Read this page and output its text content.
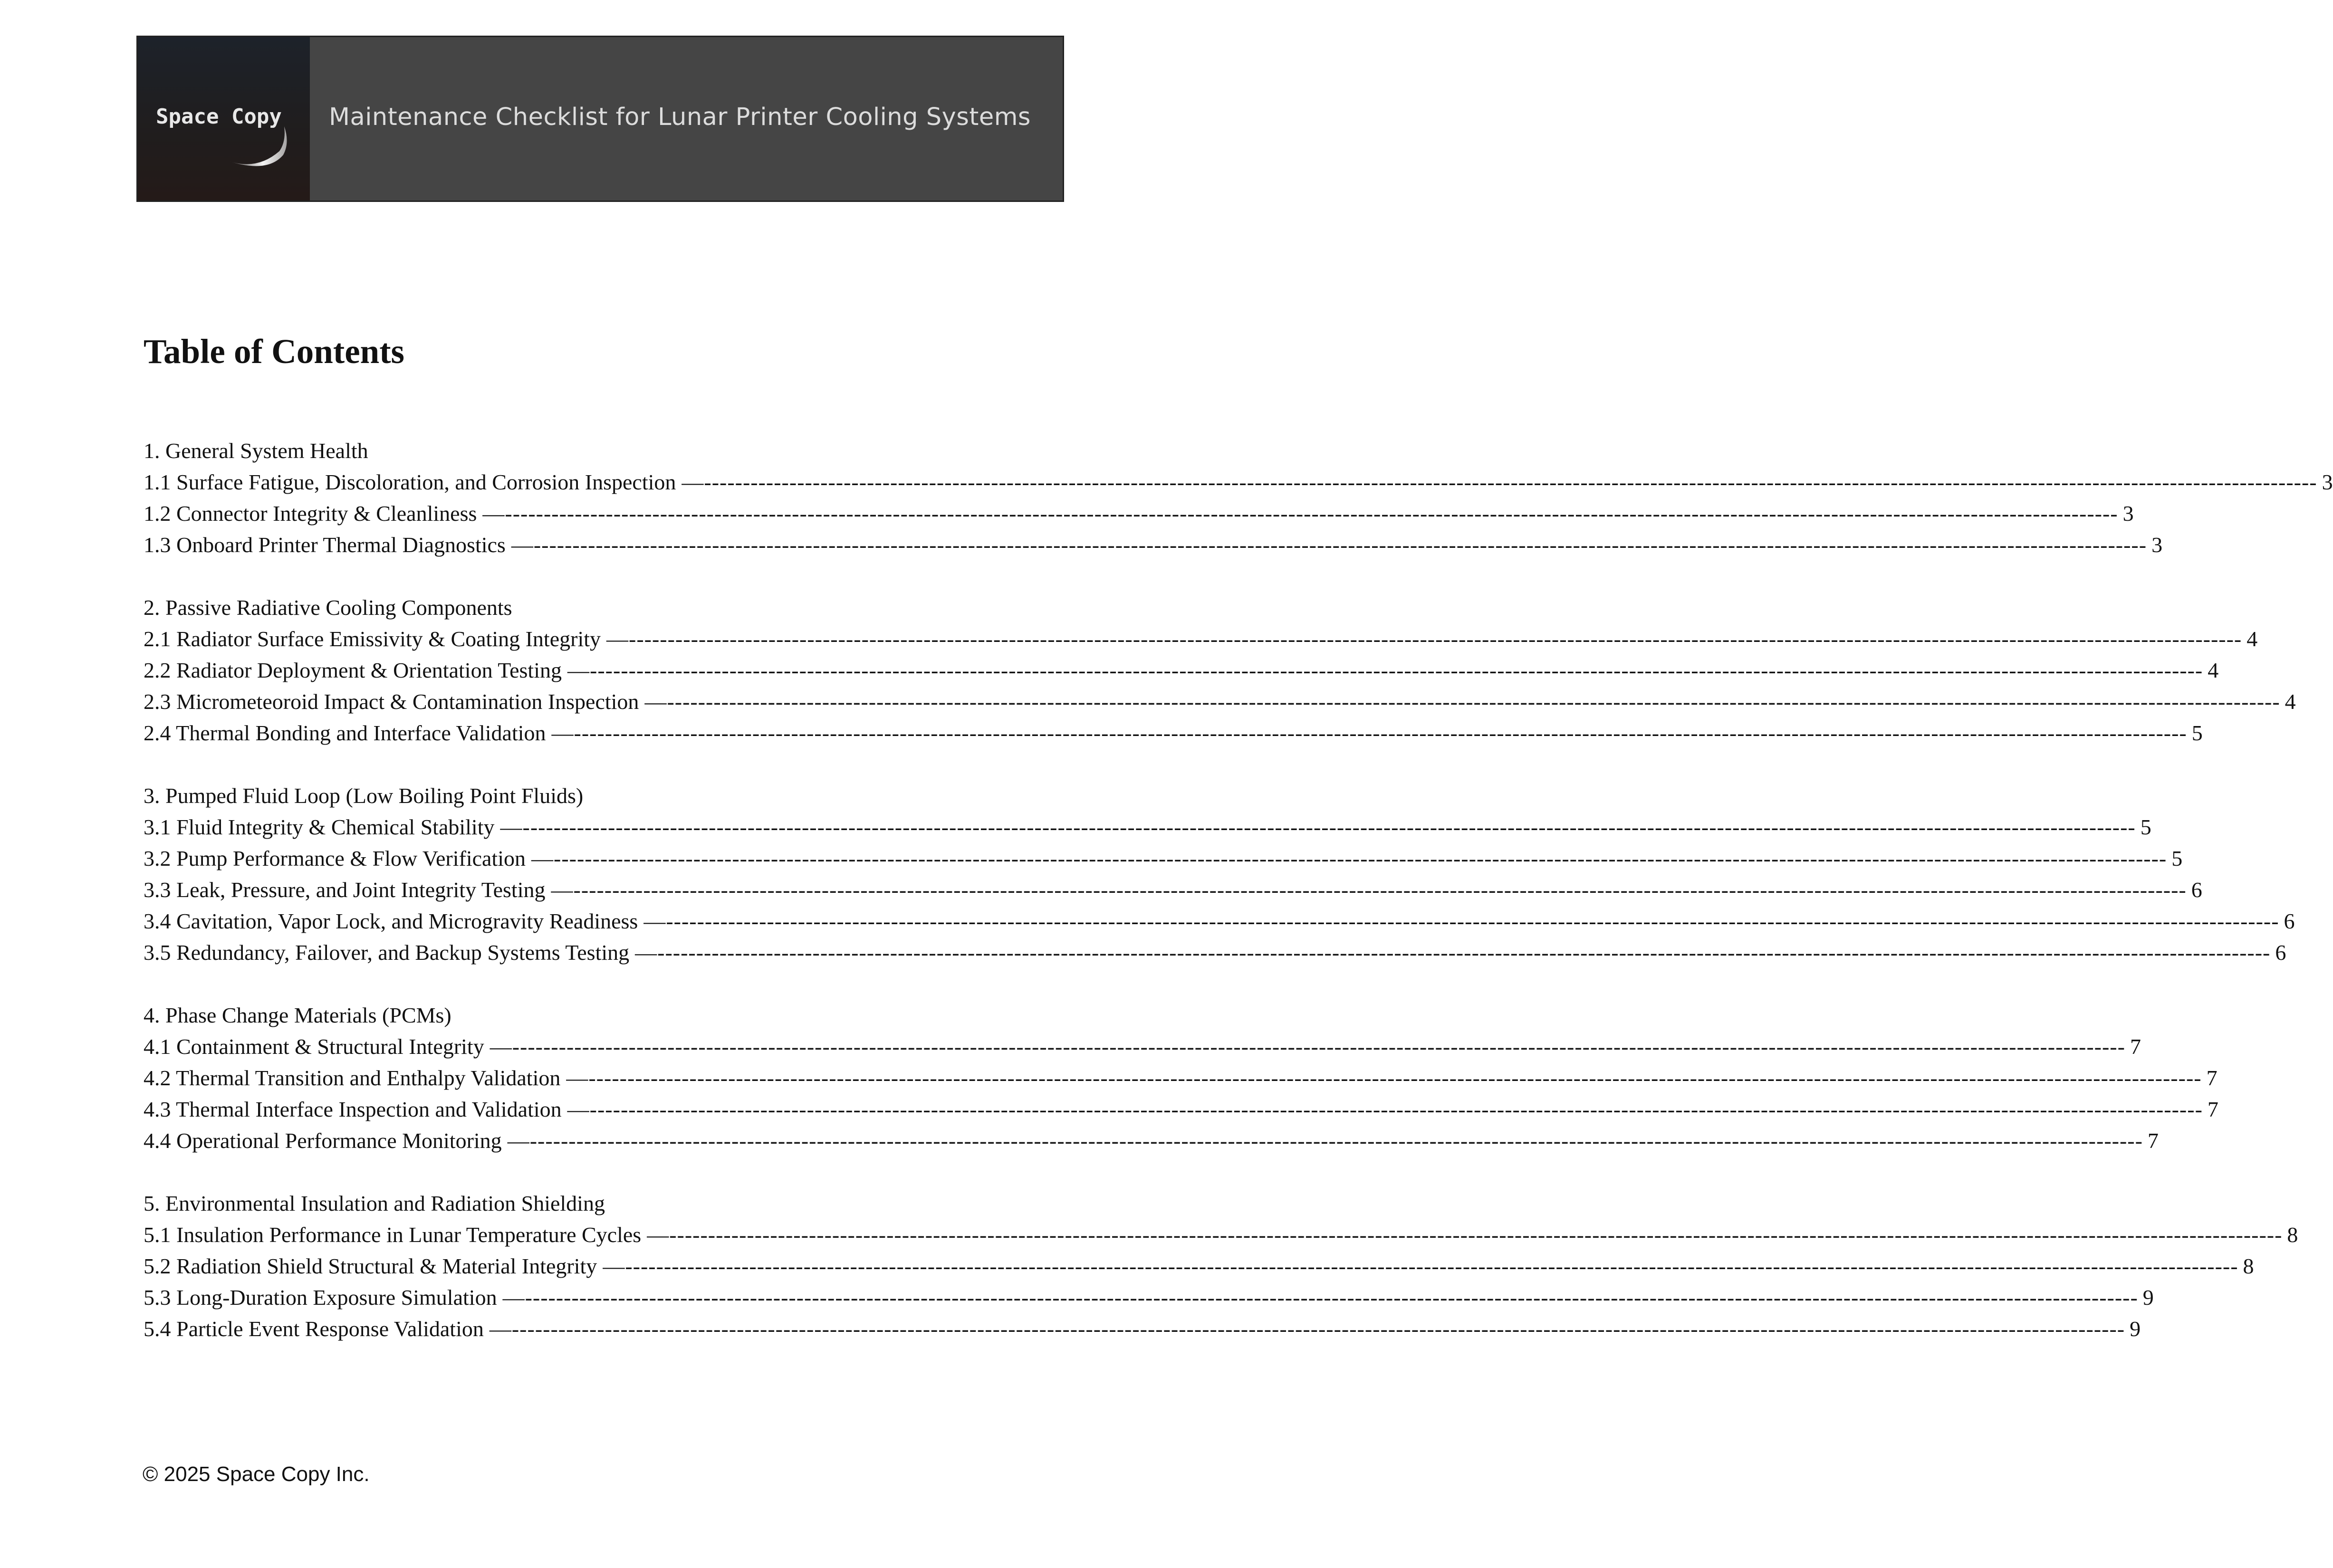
Space Copy	Maintenance Checklist for Lunar Printer Cooling Systems
Table of Contents
1. General System Health
1.1 Surface Fatigue, Discoloration, and Corrosion Inspection —---------------------------------------------------------------------------------------------------------------------------------------------------------------------------------------------------------------- 3
1.2 Connector Integrity & Cleanliness —---------------------------------------------------------------------------------------------------------------------------------------------------------------------------------------------------------------- 3
1.3 Onboard Printer Thermal Diagnostics —---------------------------------------------------------------------------------------------------------------------------------------------------------------------------------------------------------------- 3
2. Passive Radiative Cooling Components
2.1 Radiator Surface Emissivity & Coating Integrity —---------------------------------------------------------------------------------------------------------------------------------------------------------------------------------------------------------------- 4
2.2 Radiator Deployment & Orientation Testing —---------------------------------------------------------------------------------------------------------------------------------------------------------------------------------------------------------------- 4
2.3 Micrometeoroid Impact & Contamination Inspection —---------------------------------------------------------------------------------------------------------------------------------------------------------------------------------------------------------------- 4
2.4 Thermal Bonding and Interface Validation —---------------------------------------------------------------------------------------------------------------------------------------------------------------------------------------------------------------- 5
3. Pumped Fluid Loop (Low Boiling Point Fluids)
3.1 Fluid Integrity & Chemical Stability —---------------------------------------------------------------------------------------------------------------------------------------------------------------------------------------------------------------- 5
3.2 Pump Performance & Flow Verification —---------------------------------------------------------------------------------------------------------------------------------------------------------------------------------------------------------------- 5
3.3 Leak, Pressure, and Joint Integrity Testing —---------------------------------------------------------------------------------------------------------------------------------------------------------------------------------------------------------------- 6
3.4 Cavitation, Vapor Lock, and Microgravity Readiness —---------------------------------------------------------------------------------------------------------------------------------------------------------------------------------------------------------------- 6
3.5 Redundancy, Failover, and Backup Systems Testing —---------------------------------------------------------------------------------------------------------------------------------------------------------------------------------------------------------------- 6
4. Phase Change Materials (PCMs)
4.1 Containment & Structural Integrity —---------------------------------------------------------------------------------------------------------------------------------------------------------------------------------------------------------------- 7
4.2 Thermal Transition and Enthalpy Validation —---------------------------------------------------------------------------------------------------------------------------------------------------------------------------------------------------------------- 7
4.3 Thermal Interface Inspection and Validation —---------------------------------------------------------------------------------------------------------------------------------------------------------------------------------------------------------------- 7
4.4 Operational Performance Monitoring —---------------------------------------------------------------------------------------------------------------------------------------------------------------------------------------------------------------- 7
5. Environmental Insulation and Radiation Shielding
5.1 Insulation Performance in Lunar Temperature Cycles —---------------------------------------------------------------------------------------------------------------------------------------------------------------------------------------------------------------- 8
5.2 Radiation Shield Structural & Material Integrity —---------------------------------------------------------------------------------------------------------------------------------------------------------------------------------------------------------------- 8
5.3 Long-Duration Exposure Simulation —---------------------------------------------------------------------------------------------------------------------------------------------------------------------------------------------------------------- 9
5.4 Particle Event Response Validation —---------------------------------------------------------------------------------------------------------------------------------------------------------------------------------------------------------------- 9
© 2025 Space Copy Inc.
